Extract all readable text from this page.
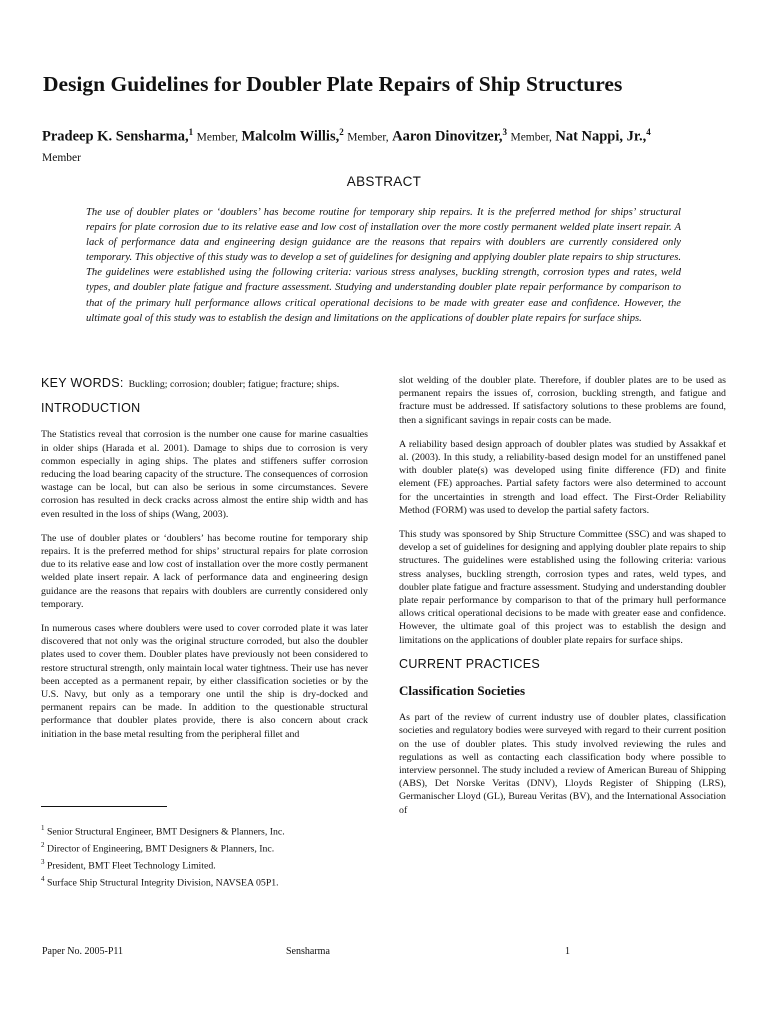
Design Guidelines for Doubler Plate Repairs of Ship Structures
Pradeep K. Sensharma,$^1$ Member, Malcolm Willis,$^2$ Member, Aaron Dinovitzer,$^3$ Member, Nat Nappi, Jr.,$^4$
Member
ABSTRACT
The use of doubler plates or ‘doublers’ has become routine for temporary ship repairs. It is the preferred method for ships’ structural repairs for plate corrosion due to its relative ease and low cost of installation over the more costly permanent welded plate insert repair. A lack of performance data and engineering design guidance are the reasons that repairs with doublers are currently considered only temporary. This objective of this study was to develop a set of guidelines for designing and applying doubler plate repairs to ship structures. The guidelines were established using the following criteria: various stress analyses, buckling strength, corrosion types and rates, weld types, and doubler plate fatigue and fracture assessment. Studying and understanding doubler plate repair performance by comparison to that of the primary hull performance allows critical operational decisions to be made with greater ease and confidence. However, the ultimate goal of this study was to establish the design and limitations on the applications of doubler plate repairs for surface ships.

KEY WORDS: Buckling; corrosion; doubler; fatigue; fracture; ships.

INTRODUCTION

The Statistics reveal that corrosion is the number one cause for marine casualties in older ships (Harada et al. 2001). Damage to ships due to corrosion is very common especially in aging ships. The plates and stiffeners suffer corrosion reducing the load bearing capacity of the structure. The consequences of corrosion wastage can be local, but can also be serious in some circumstances. Severe corrosion has resulted in deck cracks across almost the entire ship width and has even resulted in the loss of ships (Wang, 2003).

The use of doubler plates or ‘doublers’ has become routine for temporary ship repairs. It is the preferred method for ships’ structural repairs for plate corrosion due to its relative ease and low cost of installation over the more costly permanent welded plate insert repair. A lack of performance data and engineering design guidance are the reasons that repairs with doublers are currently considered only temporary.

In numerous cases where doublers were used to cover corroded plate it was later discovered that not only was the original structure corroded, but also the doubler plates used to cover them. Doubler plates have previously not been considered to restore structural strength, only maintain local water tightness. Their use has never been accepted as a permanent repair, by either classification societies or by the U.S. Navy, but only as a temporary one until the ship is dry-docked and permanent repairs can be made. In addition to the questionable structural performance that doubler plates provide, there is also concern about crack initiation in the base metal resulting from the peripheral fillet and

$^1$ Senior Structural Engineer, BMT Designers & Planners, Inc.
$^2$ Director of Engineering, BMT Designers & Planners, Inc.
$^3$ President, BMT Fleet Technology Limited.
$^4$ Surface Ship Structural Integrity Division, NAVSEA 05P1.

slot welding of the doubler plate. Therefore, if doubler plates are to be used as permanent repairs the issues of, corrosion, buckling strength, and fatigue and fracture must be addressed. If satisfactory solutions to these problems are found, then a significant savings in repair costs can be made.

A reliability based design approach of doubler plates was studied by Assakkaf et al. (2003). In this study, a reliability-based design model for an unstiffened panel with doubler plate(s) was developed using finite difference (FD) and finite element (FE) approaches. Partial safety factors were also determined to account for the uncertainties in strength and load effect. The First-Order Reliability Method (FORM) was used to develop the partial safety factors.

This study was sponsored by Ship Structure Committee (SSC) and was shaped to develop a set of guidelines for designing and applying doubler plate repairs to ship structures. The guidelines were established using the following criteria: various stress analyses, buckling strength, corrosion types and rates, weld types, and doubler plate fatigue and fracture assessment. Studying and understanding doubler plate repair performance by comparison to that of the primary hull performance allows critical operational decisions to be made with greater ease and confidence. However, the ultimate goal of this project was to establish the design and limitations on the applications of doubler plate repairs for surface ships.

CURRENT PRACTICES
Classification Societies

As part of the review of current industry use of doubler plates, classification societies and regulatory bodies were surveyed with regard to their current position on the use of doubler plates. This study involved reviewing the rules and regulations as well as contacting each classification body where possible to interview personnel. The study included a review of American Bureau of Shipping (ABS), Det Norske Veritas (DNV), Lloyds Register of Shipping (LRS), Germanischer Lloyd (GL), Bureau Veritas (BV), and the International Association of

Paper No. 2005-P11	Sensharma	1
